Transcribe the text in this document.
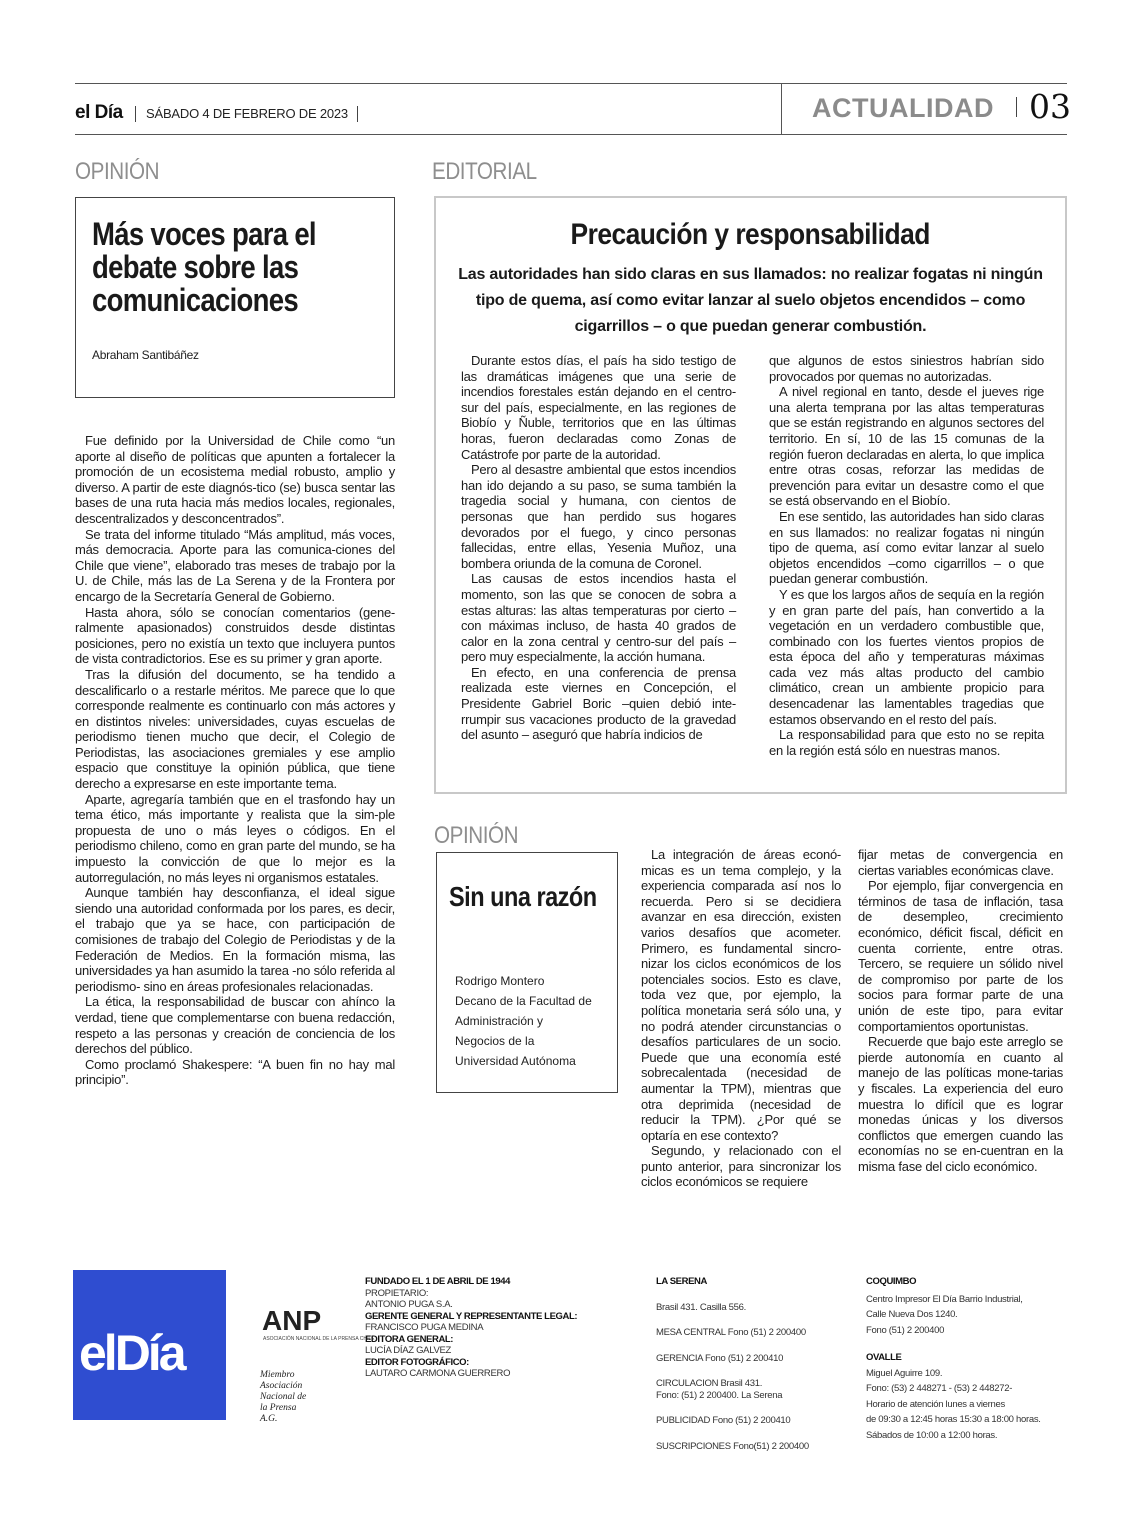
el Día SÁBADO 4 DE FEBRERO DE 2023	ACTUALIDAD 03
OPINIÓN
Más voces para el
debate sobre las
comunicaciones
Abraham Santibáñez

Fue definido por la Universidad de Chile como “un aporte al diseño de políticas que apunten a fortalecer la promoción de un ecosistema medial robusto, amplio y diverso. A partir de este diagnós-tico (se) busca sentar las bases de una ruta hacia más medios locales, regionales, descentralizados y desconcentrados”.

Se trata del informe titulado “Más amplitud, más voces, más democracia. Aporte para las comunica-ciones del Chile que viene”, elaborado tras meses de trabajo por la U. de Chile, más las de La Serena y de la Frontera por encargo de la Secretaría General de Gobierno.

Hasta ahora, sólo se conocían comentarios (gene-ralmente apasionados) construidos desde distintas posiciones, pero no existía un texto que incluyera puntos de vista contradictorios. Ese es su primer y gran aporte.

Tras la difusión del documento, se ha tendido a descalificarlo o a restarle méritos. Me parece que lo que corresponde realmente es continuarlo con más actores y en distintos niveles: universidades, cuyas escuelas de periodismo tienen mucho que decir, el Colegio de Periodistas, las asociaciones gremiales y ese amplio espacio que constituye la opinión pública, que tiene derecho a expresarse en este importante tema.

Aparte, agregaría también que en el trasfondo hay un tema ético, más importante y realista que la sim-ple propuesta de uno o más leyes o códigos. En el periodismo chileno, como en gran parte del mundo, se ha impuesto la convicción de que lo mejor es la autorregulación, no más leyes ni organismos estatales.

Aunque también hay desconfianza, el ideal sigue siendo una autoridad conformada por los pares, es decir, el trabajo que ya se hace, con participación de comisiones de trabajo del Colegio de Periodistas y de la Federación de Medios. En la formación misma, las universidades ya han asumido la tarea -no sólo referida al periodismo- sino en áreas profesionales relacionadas.

La ética, la responsabilidad de buscar con ahínco la verdad, tiene que complementarse con buena redacción, respeto a las personas y creación de conciencia de los derechos del público.

Como proclamó Shakespere: “A buen fin no hay mal principio”.

EDITORIAL
Precaución y responsabilidad
Las autoridades han sido claras en sus llamados: no realizar fogatas ni ningún tipo de quema, así como evitar lanzar al suelo objetos encendidos – como cigarrillos – o que puedan generar combustión.

Durante estos días, el país ha sido testigo de las dramáticas imágenes que una serie de incendios forestales están dejando en el centro-sur del país, especialmente, en las regiones de Biobío y Ñuble, territorios que en las últimas horas, fueron declaradas como Zonas de Catástrofe por parte de la autoridad.

Pero al desastre ambiental que estos incendios han ido dejando a su paso, se suma también la tragedia social y humana, con cientos de personas que han perdido sus hogares devorados por el fuego, y cinco personas fallecidas, entre ellas, Yesenia Muñoz, una bombera oriunda de la comuna de Coronel.

Las causas de estos incendios hasta el momento, son las que se conocen de sobra a estas alturas: las altas temperaturas por cierto –con máximas incluso, de hasta 40 grados de calor en la zona central y centro-sur del país – pero muy especialmente, la acción humana.

En efecto, en una conferencia de prensa realizada este viernes en Concepción, el Presidente Gabriel Boric –quien debió inte-rrumpir sus vacaciones producto de la gravedad del asunto – aseguró que habría indicios de

que algunos de estos siniestros habrían sido provocados por quemas no autorizadas.

A nivel regional en tanto, desde el jueves rige una alerta temprana por las altas temperaturas que se están registrando en algunos sectores del territorio. En sí, 10 de las 15 comunas de la región fueron declaradas en alerta, lo que implica entre otras cosas, reforzar las medidas de prevención para evitar un desastre como el que se está observando en el Biobío.

En ese sentido, las autoridades han sido claras en sus llamados: no realizar fogatas ni ningún tipo de quema, así como evitar lanzar al suelo objetos encendidos –como cigarrillos – o que puedan generar combustión.

Y es que los largos años de sequía en la región y en gran parte del país, han convertido a la vegetación en un verdadero combustible que, combinado con los fuertes vientos propios de esta época del año y temperaturas máximas cada vez más altas producto del cambio climático, crean un ambiente propicio para desencadenar las lamentables tragedias que estamos observando en el resto del país.

La responsabilidad para que esto no se repita en la región está sólo en nuestras manos.

OPINIÓN
Sin una razón
Rodrigo Montero
Decano de la Facultad de
Administración y
Negocios de la
Universidad Autónoma

La integración de áreas econó-micas es un tema complejo, y la experiencia comparada así nos lo recuerda. Pero si se decidiera avanzar en esa dirección, existen varios desafíos que acometer. Primero, es fundamental sincro-nizar los ciclos económicos de los potenciales socios. Esto es clave, toda vez que, por ejemplo, la política monetaria será sólo una, y no podrá atender circunstancias o desafíos particulares de un socio. Puede que una economía esté sobrecalentada (necesidad de aumentar la TPM), mientras que otra deprimida (necesidad de reducir la TPM). ¿Por qué se optaría en ese contexto?

Segundo, y relacionado con el punto anterior, para sincronizar los ciclos económicos se requiere

fijar metas de convergencia en ciertas variables económicas clave.

Por ejemplo, fijar convergencia en términos de tasa de inflación, tasa de desempleo, crecimiento económico, déficit fiscal, déficit en cuenta corriente, entre otras. Tercero, se requiere un sólido nivel de compromiso por parte de los socios para formar parte de una unión de este tipo, para evitar comportamientos oportunistas.

Recuerde que bajo este arreglo se pierde autonomía en cuanto al manejo de las políticas mone-tarias y fiscales. La experiencia del euro muestra lo difícil que es lograr monedas únicas y los diversos conflictos que emergen cuando las economías no se en-cuentran en la misma fase del ciclo económico.

elDía
ANP
ASOCIACIÓN NACIONAL DE LA PRENSA CHILE
Miembro
Asociación
Nacional de
la Prensa
A.G.
FUNDADO EL 1 DE ABRIL DE 1944
PROPIETARIO:
ANTONIO PUGA S.A.
GERENTE GENERAL Y REPRESENTANTE LEGAL:
FRANCISCO PUGA MEDINA
EDITORA GENERAL:
LUCÍA DÍAZ GALVEZ
EDITOR FOTOGRÁFICO:
LAUTARO CARMONA GUERRERO
LA SERENA
Brasil 431. Casilla 556.
MESA CENTRAL Fono (51) 2 200400
GERENCIA Fono (51) 2 200410
CIRCULACION Brasil 431.
Fono: (51) 2 200400. La Serena
PUBLICIDAD Fono (51) 2 200410
SUSCRIPCIONES Fono(51) 2 200400
COQUIMBO
Centro Impresor El Día Barrio Industrial,
Calle Nueva Dos 1240.
Fono (51) 2 200400
OVALLE
Miguel Aguirre 109.
Fono: (53) 2 448271 - (53) 2 448272-
Horario de atención lunes a viernes
de 09:30 a 12:45 horas 15:30 a 18:00 horas.
Sábados de 10:00 a 12:00 horas.
